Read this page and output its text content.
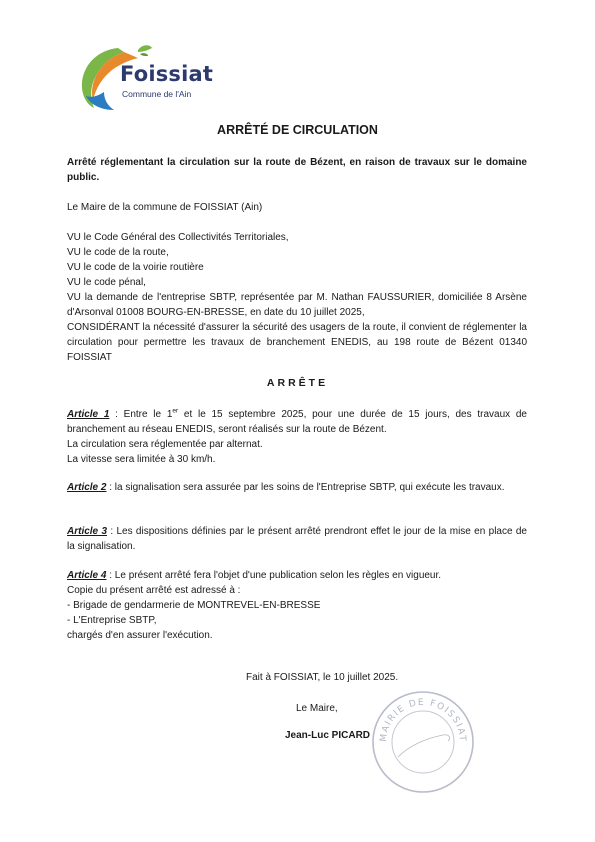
Foissiat
Commune de l'Ain
ARRÊTÉ DE CIRCULATION
Arrêté réglementant la circulation sur la route de Bézent, en raison de travaux sur le domaine public.

Le Maire de la commune de FOISSIAT (Ain)

VU le Code Général des Collectivités Territoriales,

VU le code de la route,

VU le code de la voirie routière

VU le code pénal,

VU la demande de l'entreprise SBTP, représentée par M. Nathan FAUSSURIER, domiciliée 8 Arsène d'Arsonval 01008 BOURG-EN-BRESSE, en date du 10 juillet 2025,

CONSIDÉRANT la nécessité d'assurer la sécurité des usagers de la route, il convient de réglementer la circulation pour permettre les travaux de branchement ENEDIS, au 198 route de Bézent 01340 FOISSIAT

ARRÊTE

Article 1 : Entre le 1er et le 15 septembre 2025, pour une durée de 15 jours, des travaux de branchement au réseau ENEDIS, seront réalisés sur la route de Bézent.

La circulation sera réglementée par alternat.

La vitesse sera limitée à 30 km/h.

Article 2 : la signalisation sera assurée par les soins de l'Entreprise SBTP, qui exécute les travaux.

Article 3 : Les dispositions définies par le présent arrêté prendront effet le jour de la mise en place de la signalisation.

Article 4 : Le présent arrêté fera l'objet d'une publication selon les règles en vigueur.

Copie du présent arrêté est adressé à :

- Brigade de gendarmerie de MONTREVEL-EN-BRESSE

- L'Entreprise SBTP,

chargés d'en assurer l'exécution.

Fait à FOISSIAT, le 10 juillet 2025.
Le Maire,
Jean-Luc PICARD MAIRIE DE FOISSIAT
